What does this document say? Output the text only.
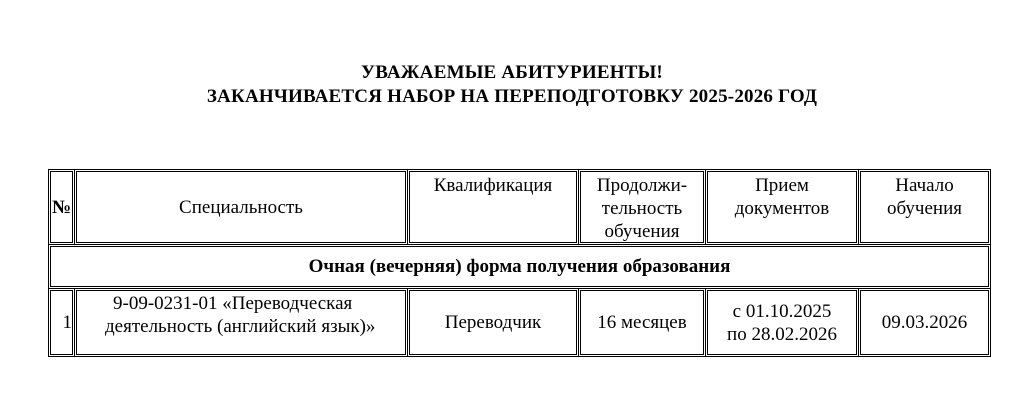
УВАЖАЕМЫЕ АБИТУРИЕНТЫ!
ЗАКАНЧИВАЕТСЯ НАБОР НА ПЕРЕПОДГОТОВКУ 2025-2026 ГОД
№	Специальность	Квалификация	Продолжи-
тельность
обучения	Прием
документов	Начало
обучения

Очная (вечерняя) форма получения образования					
1	9-09-0231-01 «Переводческая
деятельность (английский язык)»	Переводчик	16 месяцев	с 01.10.2025
по 28.02.2026	09.03.2026
